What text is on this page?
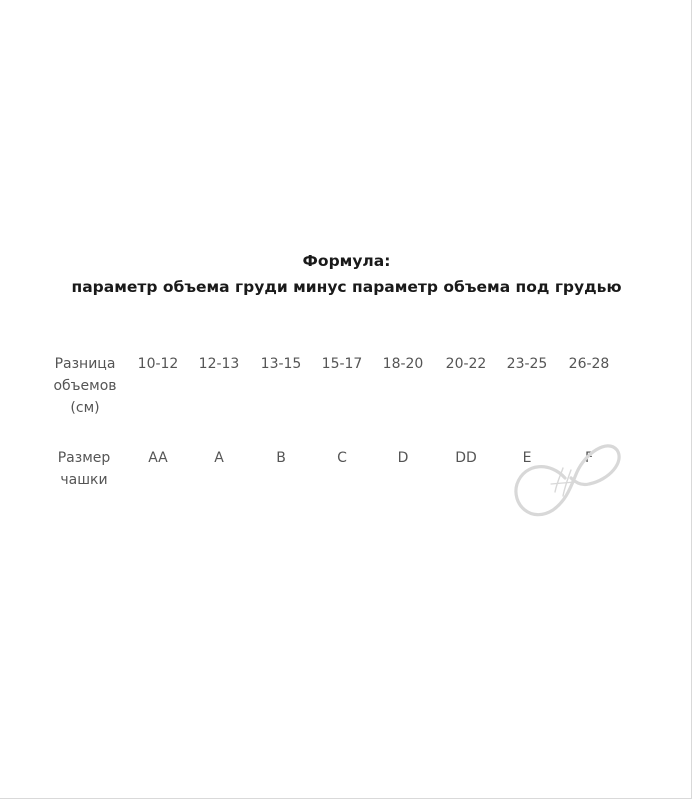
Формула:
параметр объема груди минус параметр объема под грудью
Разница
объемов
(см)
10-12	12-13	13-15	15-17	18-20	20-22	23-25	26-28
Размер
чашки
AA	A	B	C	D	DD	E	F
